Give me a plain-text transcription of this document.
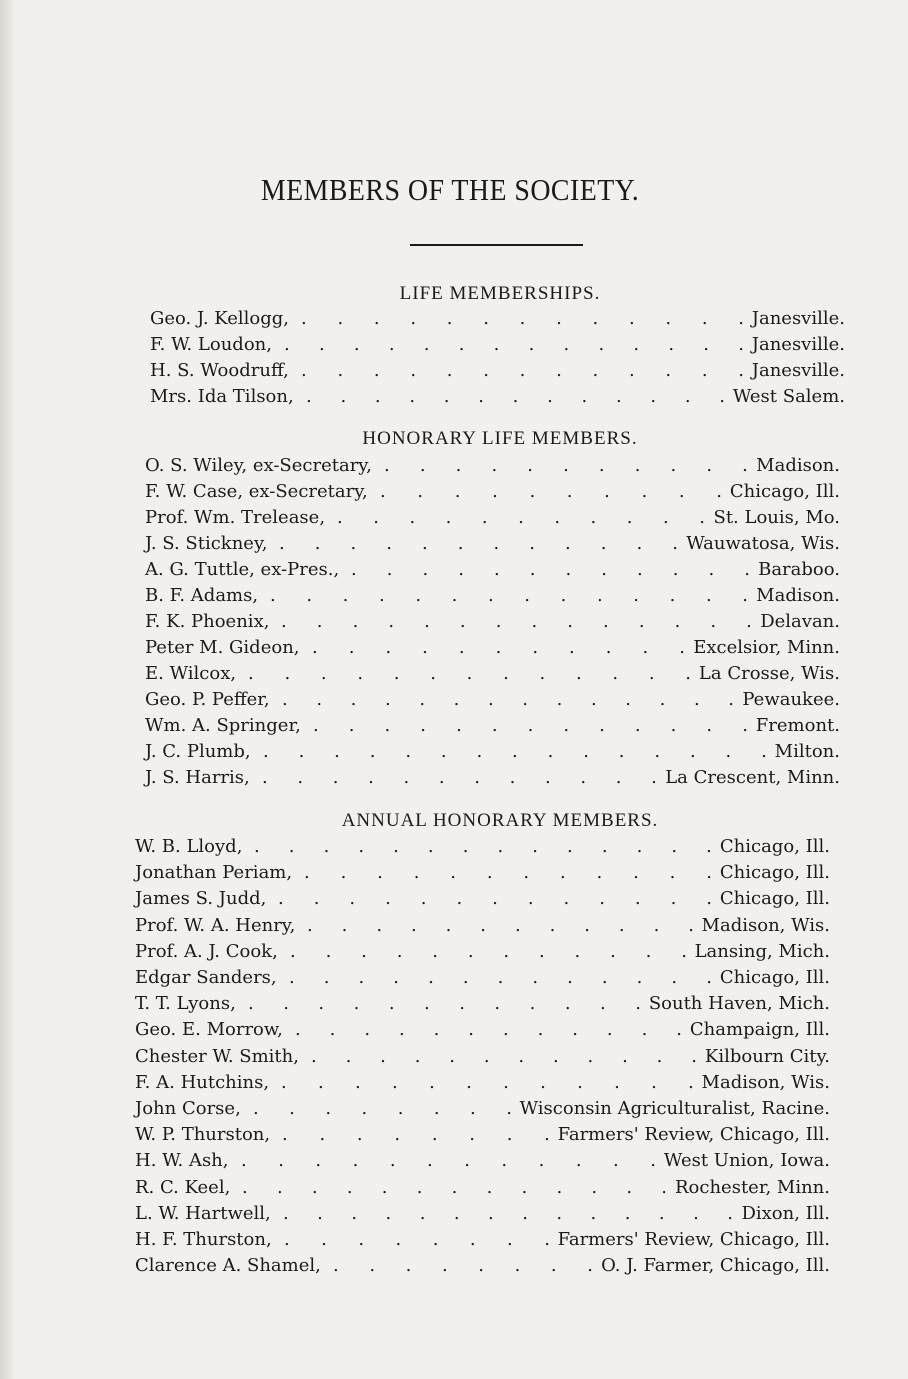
MEMBERS OF THE SOCIETY.
LIFE MEMBERSHIPS.
Geo. J. Kellogg, . . . . . . . . . . . . . Janesville.
F. W. Loudon, . . . . . . . . . . . . . . Janesville.
H. S. Woodruff, . . . . . . . . . . . . . Janesville.
Mrs. Ida Tilson, . . . . . . . . . . . . . West Salem.
HONORARY LIFE MEMBERS.
O. S. Wiley, ex-Secretary, . . . . . . . . . . . Madison.
F. W. Case, ex-Secretary, . . . . . . . . . . Chicago, Ill.
Prof. Wm. Trelease, . . . . . . . . . . . St. Louis, Mo.
J. S. Stickney, . . . . . . . . . . . . Wauwatosa, Wis.
A. G. Tuttle, ex-Pres., . . . . . . . . . . . . Baraboo.
B. F. Adams, . . . . . . . . . . . . . . Madison.
F. K. Phoenix, . . . . . . . . . . . . . . Delavan.
Peter M. Gideon, . . . . . . . . . . . Excelsior, Minn.
E. Wilcox, . . . . . . . . . . . . . La Crosse, Wis.
Geo. P. Peffer, . . . . . . . . . . . . . . Pewaukee.
Wm. A. Springer, . . . . . . . . . . . . . Fremont.
J. C. Plumb, . . . . . . . . . . . . . . . Milton.
J. S. Harris, . . . . . . . . . . . . La Crescent, Minn.
ANNUAL HONORARY MEMBERS.
W. B. Lloyd, . . . . . . . . . . . . . . Chicago, Ill.
Jonathan Periam, . . . . . . . . . . . . Chicago, Ill.
James S. Judd, . . . . . . . . . . . . . Chicago, Ill.
Prof. W. A. Henry, . . . . . . . . . . . . Madison, Wis.
Prof. A. J. Cook, . . . . . . . . . . . . Lansing, Mich.
Edgar Sanders, . . . . . . . . . . . . . Chicago, Ill.
T. T. Lyons, . . . . . . . . . . . . South Haven, Mich.
Geo. E. Morrow, . . . . . . . . . . . . Champaign, Ill.
Chester W. Smith, . . . . . . . . . . . . Kilbourn City.
F. A. Hutchins, . . . . . . . . . . . . Madison, Wis.
John Corse, . . . . . . . . Wisconsin Agriculturalist, Racine.
W. P. Thurston, . . . . . . . . Farmers' Review, Chicago, Ill.
H. W. Ash, . . . . . . . . . . . . West Union, Iowa.
R. C. Keel, . . . . . . . . . . . . . Rochester, Minn.
L. W. Hartwell, . . . . . . . . . . . . . . Dixon, Ill.
H. F. Thurston, . . . . . . . . Farmers' Review, Chicago, Ill.
Clarence A. Shamel, . . . . . . . . O. J. Farmer, Chicago, Ill.
